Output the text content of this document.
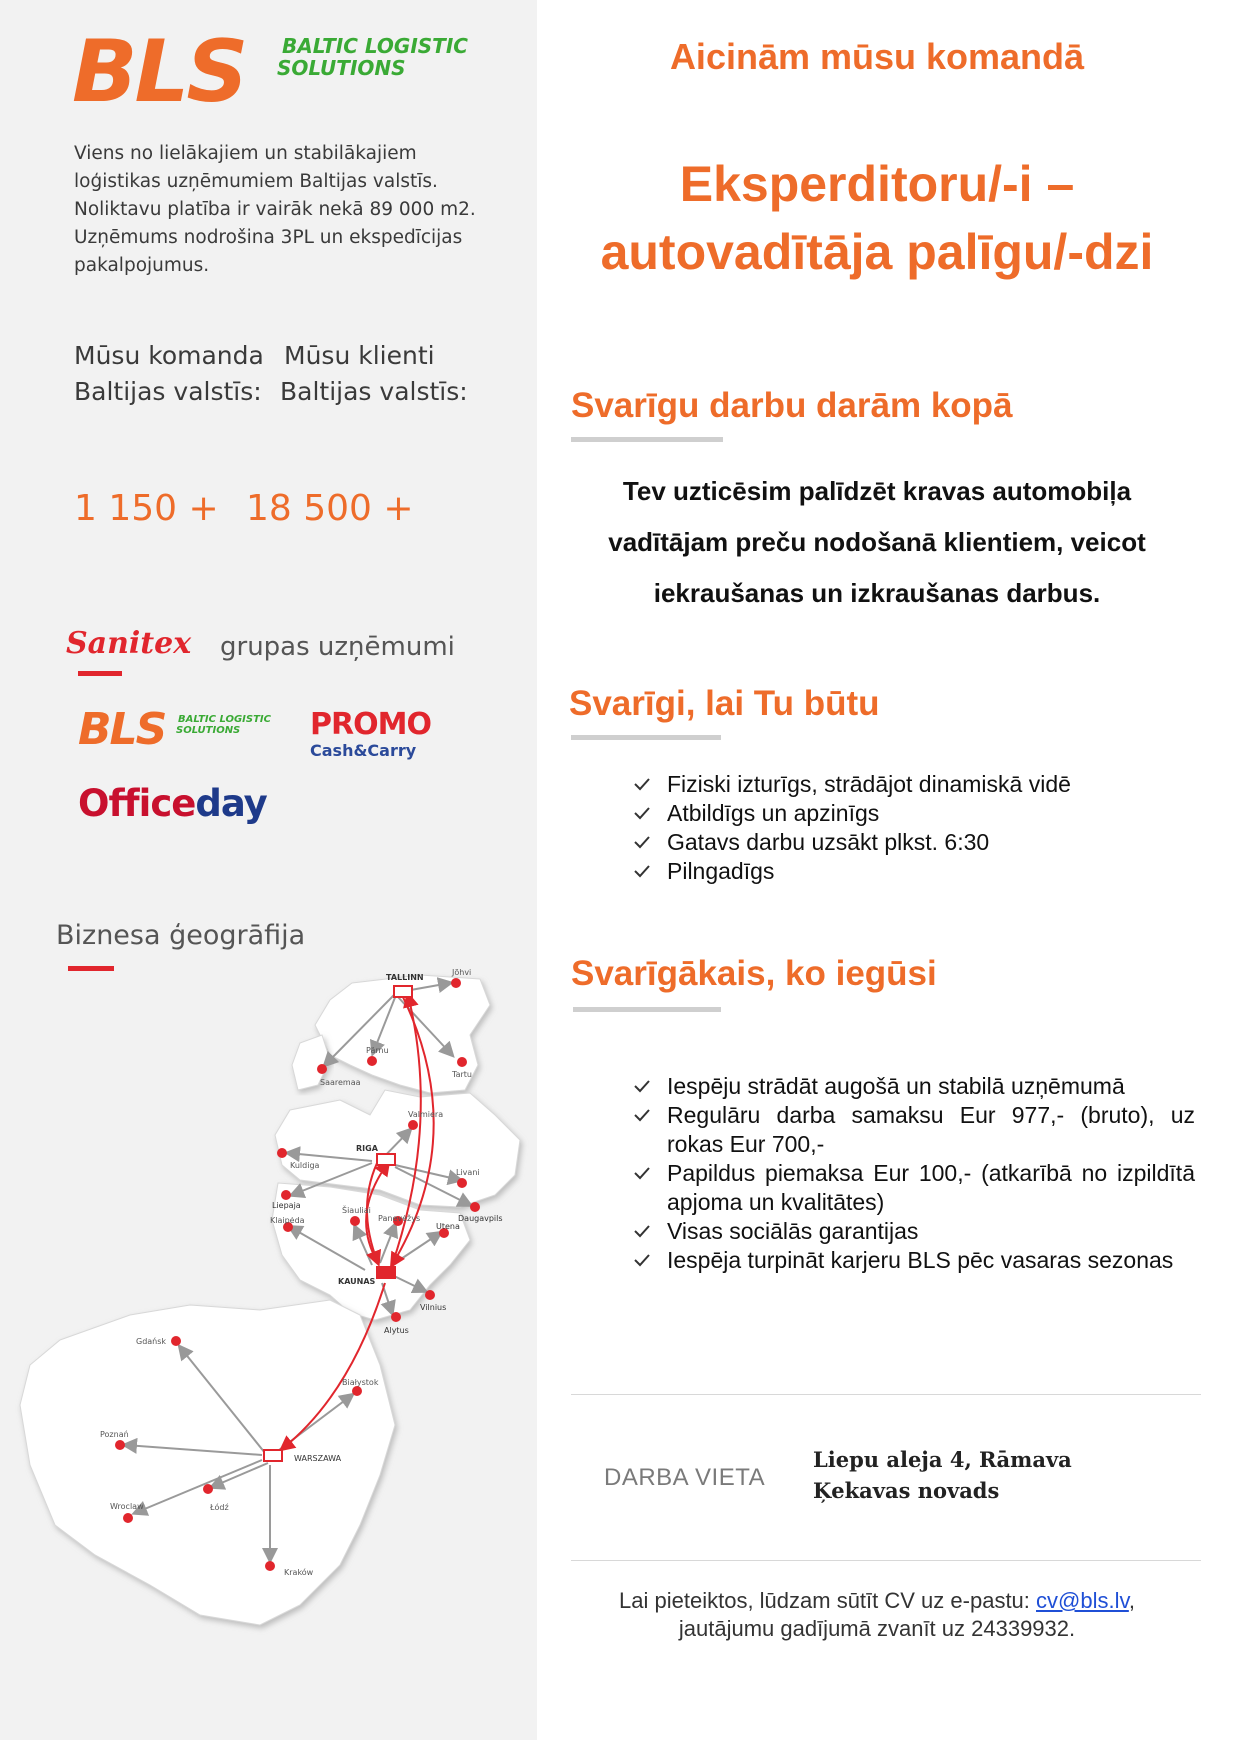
BLS BALTIC LOGISTIC
SOLUTIONS
Viens no lielākajiem un stabilākajiem
loģistikas uzņēmumiem Baltijas valstīs.
Noliktavu platība ir vairāk nekā 89 000 m2.
Uzņēmums nodrošina 3PL un ekspedīcijas
pakalpojumus.
Mūsu komanda
Baltijas valstīs:
Mūsu klienti
Baltijas valstīs:
1 150 + 18 500 +
Sanitex grupas uzņēmumi
BLS BALTIC LOGISTIC
SOLUTIONS PROMO
Cash&Carry
Officeday
Biznesa ģeogrāfija
TALLINN
Jõhvi
Pärnu
Tartu
Saaremaa
Valmiera
RIGA
Kuldiga
Liepaja
Livani
Šiauliai
Panevėžys	Daugavpils
Klaipėda
Utena
KAUNAS
Vilnius
Alytus
Gdańsk
Białystok
Poznań
WARSZAWA
Wroclaw	Łódź
Kraków
Aicinām mūsu komandā
Eksperditoru/-i –
autovadītāja palīgu/-dzi
Svarīgu darbu darām kopā
Tev uzticēsim palīdzēt kravas automobiļa
vadītājam preču nodošanā klientiem, veicot
iekraušanas un izkraušanas darbus.
Svarīgi, lai Tu būtu
Fiziski izturīgs, strādājot dinamiskā vidē
Atbildīgs un apzinīgs
Gatavs darbu uzsākt plkst. 6:30
Pilngadīgs
Svarīgākais, ko iegūsi
Iespēju strādāt augošā un stabilā uzņēmumā
Regulāru darba samaksu Eur 977,- (bruto), uz rokas Eur 700,-
Papildus piemaksa Eur 100,- (atkarībā no izpildītā apjoma un kvalitātes)
Visas sociālās garantijas
Iespēja turpināt karjeru BLS pēc vasaras sezonas
DARBA VIETA
Liepu aleja 4, Rāmava
Ķekavas novads
Lai pieteiktos, lūdzam sūtīt CV uz e-pastu: cv@bls.lv,
jautājumu gadījumā zvanīt uz 24339932.
